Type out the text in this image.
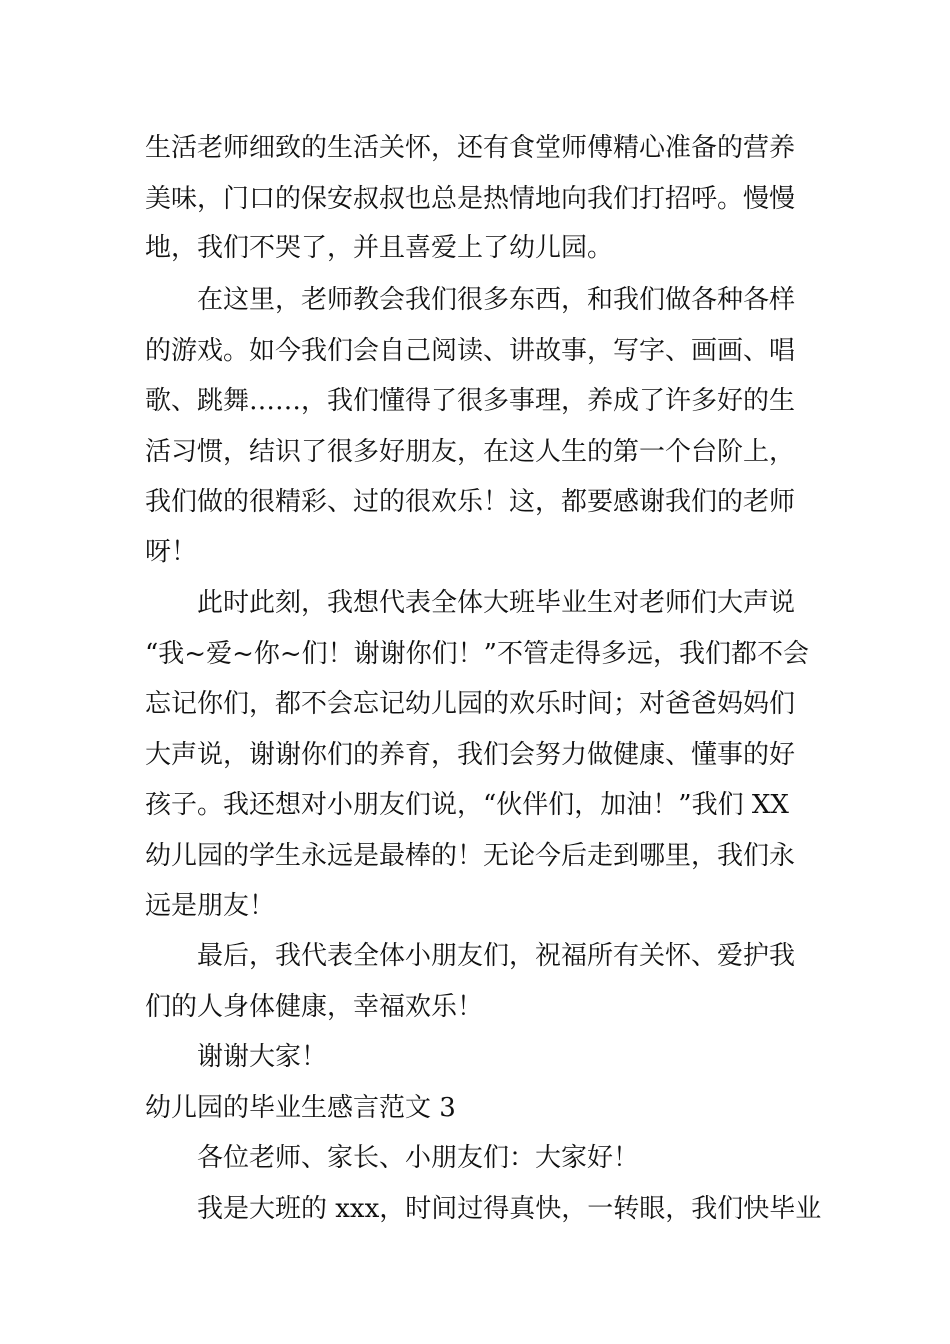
生活老师细致的生活关怀，还有食堂师傅精心准备的营养

美味，门口的保安叔叔也总是热情地向我们打招呼。慢慢

地，我们不哭了，并且喜爱上了幼儿园。

在这里，老师教会我们很多东西，和我们做各种各样

的游戏。如今我们会自己阅读、讲故事，写字、画画、唱

歌、跳舞……，我们懂得了很多事理，养成了许多好的生

活习惯，结识了很多好朋友，在这人生的第一个台阶上，

我们做的很精彩、过的很欢乐！这，都要感谢我们的老师

呀！

此时此刻，我想代表全体大班毕业生对老师们大声说

“我~爱~你~们！谢谢你们！”不管走得多远，我们都不会

忘记你们，都不会忘记幼儿园的欢乐时间；对爸爸妈妈们

大声说，谢谢你们的养育，我们会努力做健康、懂事的好

孩子。我还想对小朋友们说，“伙伴们，加油！”我们 XX

幼儿园的学生永远是最棒的！无论今后走到哪里，我们永

远是朋友！

最后，我代表全体小朋友们，祝福所有关怀、爱护我

们的人身体健康，幸福欢乐！

谢谢大家！

幼儿园的毕业生感言范文 3

各位老师、家长、小朋友们：大家好！

我是大班的 xxx，时间过得真快，一转眼，我们快毕业
